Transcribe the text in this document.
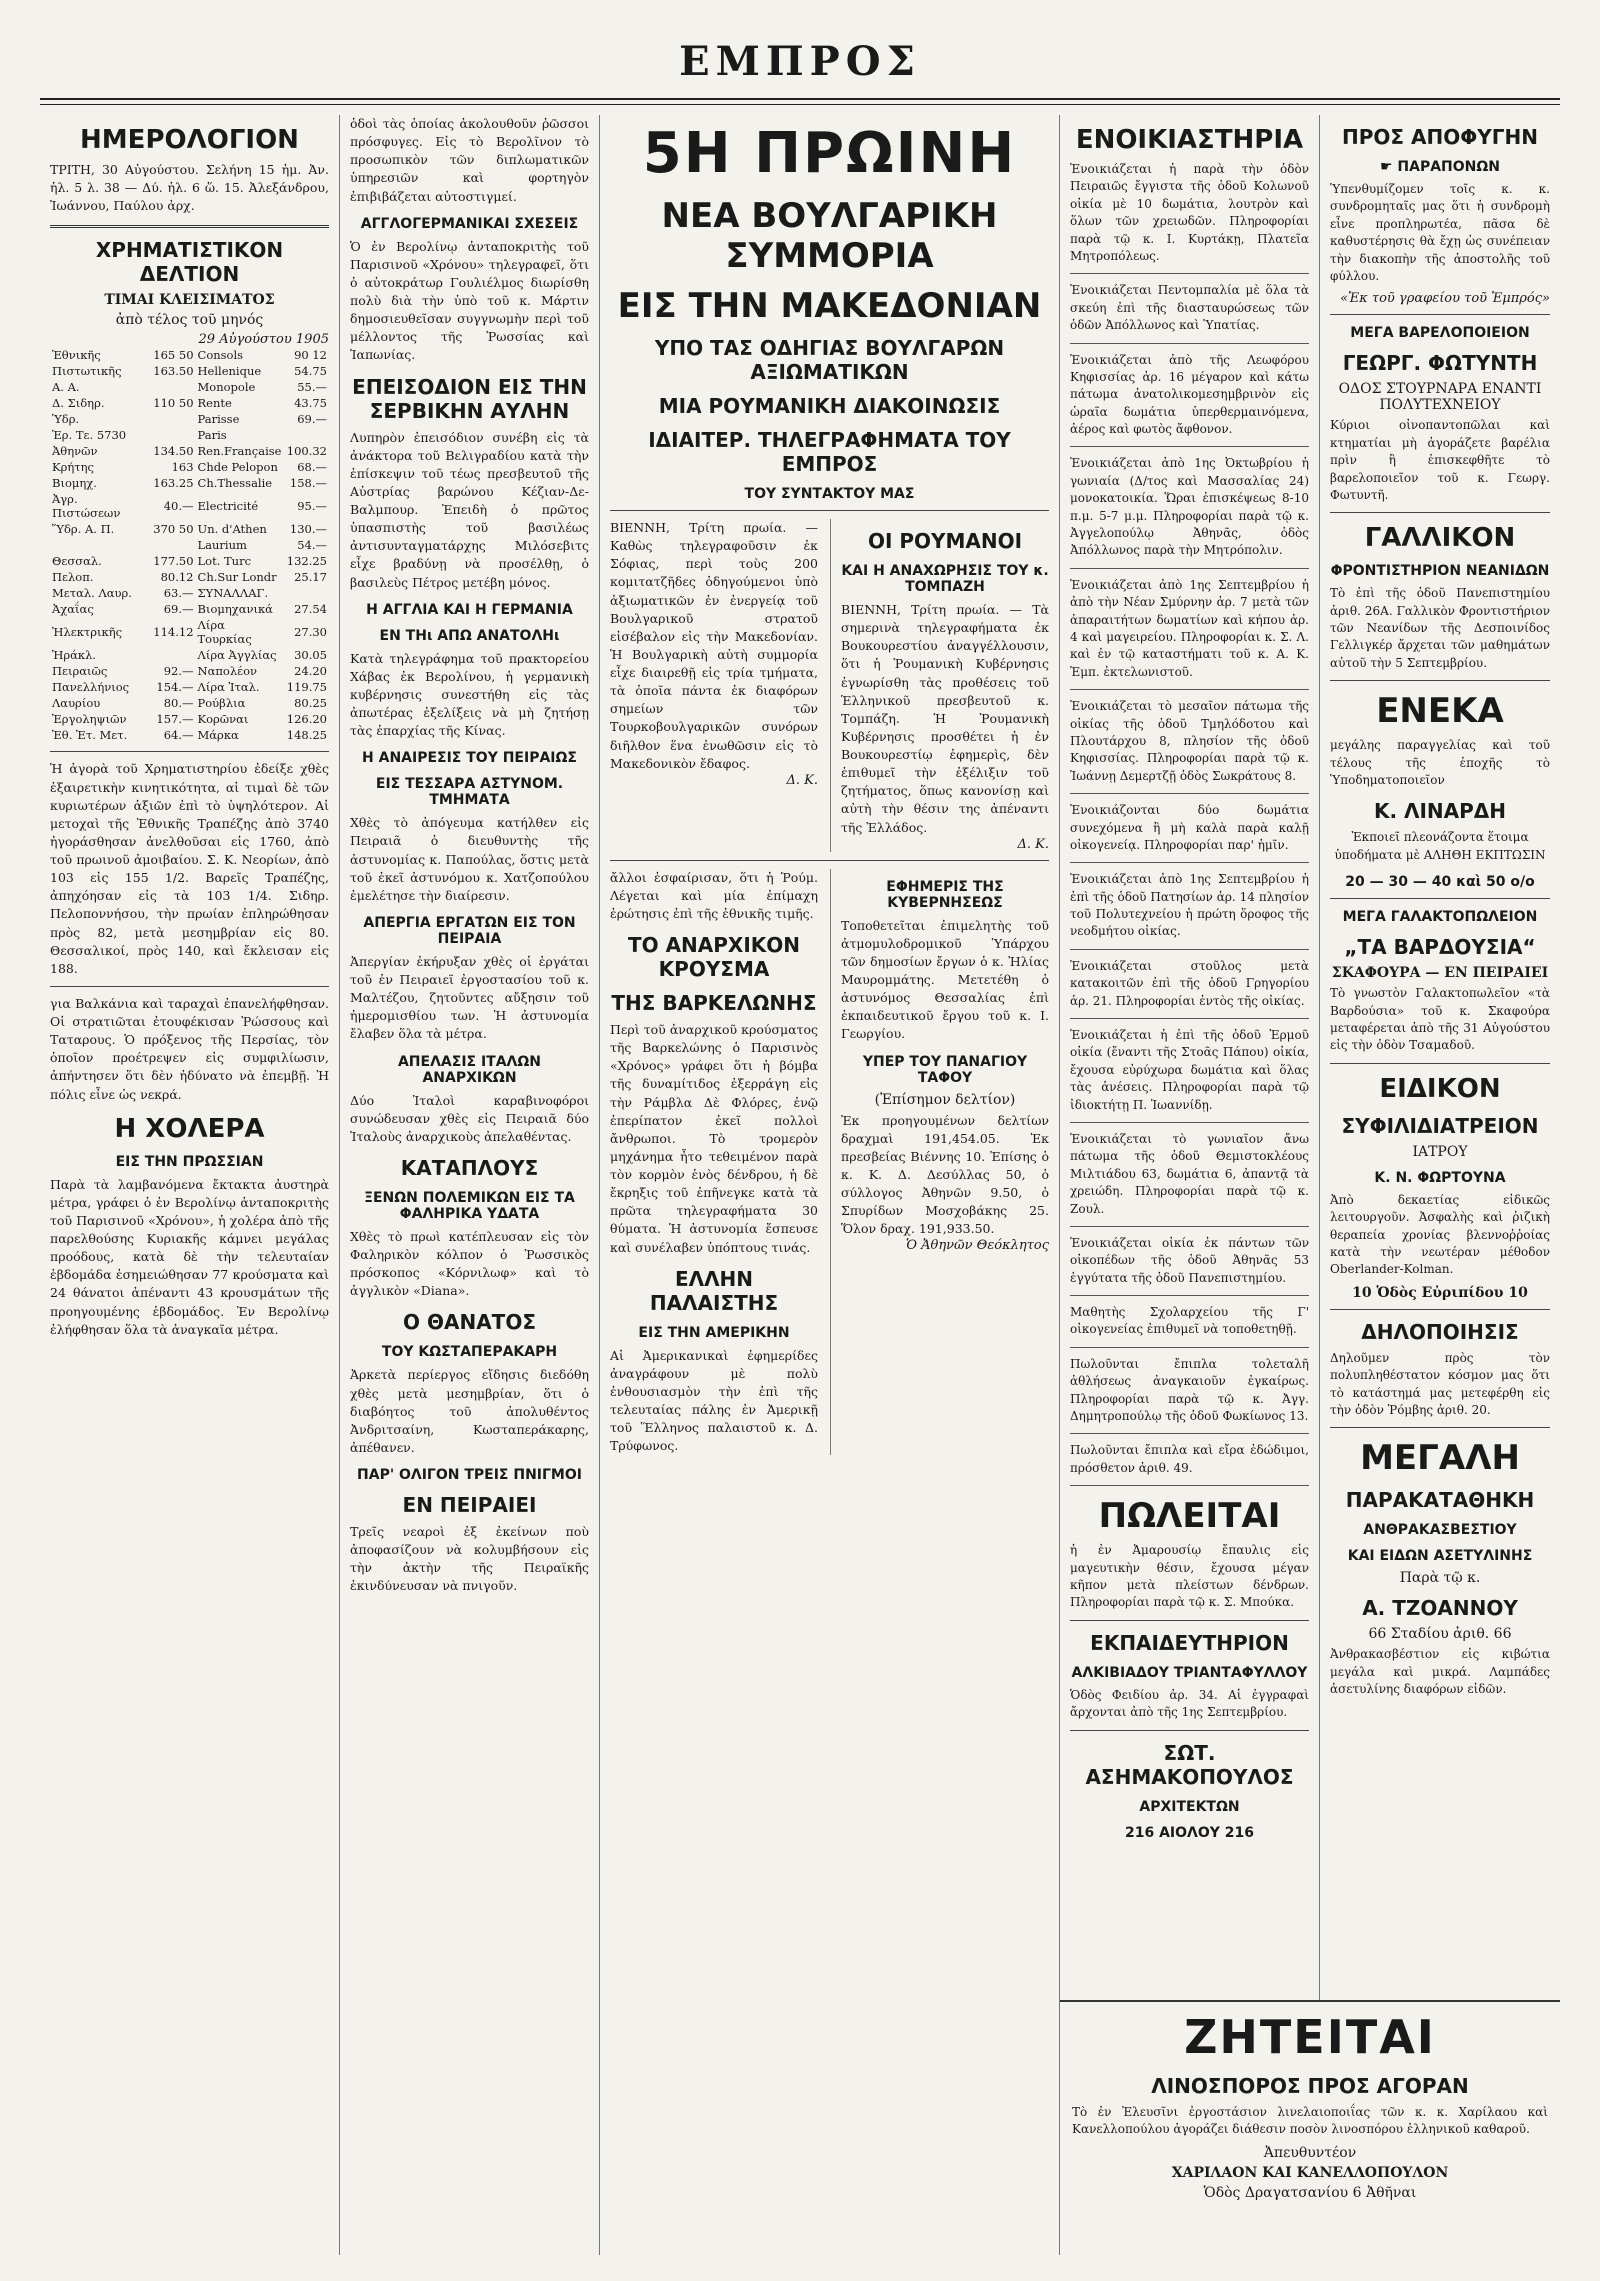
ΕΜΠΡΟΣ
ΗΜΕΡΟΛΟΓΙΟΝ
ΤΡΙΤΗ, 30 Αὐγούστου. Σελήνη 15 ἡμ. Ἀν. ἡλ. 5 λ. 38 — Δύ. ἡλ. 6 ὥ. 15. Ἀλεξάνδρου, Ἰωάννου, Παύλου ἀρχ.
ΧΡΗΜΑΤΙΣΤΙΚΟΝ ΔΕΛΤΙΟΝ
ΤΙΜΑΙ ΚΛΕΙΣΙΜΑΤΟΣ
ἀπὸ τέλος τοῦ μηνός
29 Αὐγούστου 1905
Ἐθνικῆς	165 50	Consols	90 12
Πιστωτικῆς	163.50	Hellenique	54.75
Α. Α.		Monopole	55.—
Δ. Σιδηρ.	110 50	Rente	43.75
Ὑδρ.		Parisse	69.—
Ἐρ. Τε. 5730		Paris	
Ἀθηνῶν	134.50	Ren.Française	100.32
Κρήτης	163	Chde Pelopon	68.—
Βιομηχ.	163.25	Ch.Thessalie	158.—
Ἀγρ. Πιστώσεων	40.—	Electricité	95.—
Ὕδρ. Α. Π.	370 50	Un. d'Athen	130.—
		Laurium	54.—
Θεσσαλ.	177.50	Lot. Turc	132.25
Πελοπ.	80.12	Ch.Sur Londr	25.17
Μεταλ. Λαυρ.	63.—	ΣΥΝΑΛΛΑΓ.	
Ἀχαΐας	69.—	Βιομηχανικά	27.54
Ἠλεκτρικῆς	114.12	Λίρα Τουρκίας	27.30
Ἡράκλ.		Λίρα Ἀγγλίας	30.05
Πειραιῶς	92.—	Ναπολέον	24.20
Πανελλήνιος	154.—	Λίρα Ἰταλ.	119.75
Λαυρίου	80.—	Ρούβλια	80.25
Ἐργοληψιῶν	157.—	Κορῶναι	126.20
Ἐθ. Ἐτ. Μετ.	64.—	Μάρκα	148.25
Ἡ ἀγορὰ τοῦ Χρηματιστηρίου ἐδείξε χθὲς ἐξαιρετικὴν κινητικότητα, αἱ τιμαὶ δὲ τῶν κυριωτέρων ἀξιῶν ἐπὶ τὸ ὑψηλότερον. Αἱ μετοχαὶ τῆς Ἐθνικῆς Τραπέζης ἀπὸ 3740 ἠγοράσθησαν ἀνελθοῦσαι εἰς 1760, ἀπὸ τοῦ πρωινοῦ ἀμοιβαίου. Σ. Κ. Νεορίων, ἀπὸ 103 εἰς 155 1/2. Βαρεῖς Τραπέζης, ἀπηχόησαν εἰς τὰ 103 1/4. Σιδηρ. Πελοποννήσου, τὴν πρωίαν ἐπληρώθησαν πρὸς 82, μετὰ μεσημβρίαν εἰς 80. Θεσσαλικοί, πρὸς 140, καὶ ἔκλεισαν εἰς 188.
για Βαλκάνια καὶ ταραχαὶ ἐπανελήφθησαν. Οἱ στρατιῶται ἐτουφέκισαν Ῥώσσους καὶ Ταταρους. Ὁ πρόξενος τῆς Περσίας, τὸν ὁποῖον προέτρεψεν εἰς συμφιλίωσιν, ἀπήντησεν ὅτι δὲν ἠδύνατο νὰ ἐπεμβῇ. Ἡ πόλις εἶνε ὡς νεκρά.
Η ΧΟΛΕΡΑ
ΕΙΣ ΤΗΝ ΠΡΩΣΣΙΑΝ
Παρὰ τὰ λαμβανόμενα ἔκτακτα ἀυστηρὰ μέτρα, γράφει ὁ ἐν Βερολίνῳ ἀνταποκριτὴς τοῦ Παρισινοῦ «Χρόνου», ἡ χολέρα ἀπὸ τῆς παρελθούσης Κυριακῆς κάμνει μεγάλας προόδους, κατὰ δὲ τὴν τελευταίαν ἑβδομάδα ἐσημειώθησαν 77 κρούσματα καὶ 24 θάνατοι ἀπέναντι 43 κρουσμάτων τῆς προηγουμένης ἑβδομάδος. Ἐν Βερολίνῳ ἐλήφθησαν ὅλα τὰ ἀναγκαῖα μέτρα.
ὁδοὶ τὰς ὁποίας ἀκολουθοῦν ῥῶσσοι πρόσφυγες. Εἰς τὸ Βερολῖνον τὸ προσωπικὸν τῶν διπλωματικῶν ὑπηρεσιῶν καὶ φορτηγὸν ἐπιβιβάζεται αὐτοστιγμεί.
ΑΓΓΛΟΓΕΡΜΑΝΙΚΑΙ ΣΧΕΣΕΙΣ
Ὁ ἐν Βερολίνῳ ἀνταποκριτὴς τοῦ Παρισινοῦ «Χρόνου» τηλεγραφεῖ, ὅτι ὁ αὐτοκράτωρ Γουλιέλμος διωρίσθη πολὺ διὰ τὴν ὑπὸ τοῦ κ. Μάρτιν δημοσιευθεῖσαν συγγνωμὴν περὶ τοῦ μέλλοντος τῆς Ῥωσσίας καὶ Ἰαπωνίας.
ΕΠΕΙΣΟΔΙΟΝ ΕΙΣ ΤΗΝ ΣΕΡΒΙΚΗΝ ΑΥΛΗΝ
Λυπηρὸν ἐπεισόδιον συνέβη εἰς τὰ ἀνάκτορα τοῦ Βελιγραδίου κατὰ τὴν ἐπίσκεψιν τοῦ τέως πρεσβευτοῦ τῆς Αὐστρίας βαρώνου Κέζιαν-Δε-Βαλμπουρ. Ἐπειδὴ ὁ πρῶτος ὑπασπιστὴς τοῦ βασιλέως ἀντισυνταγματάρχης Μιλόσεβιτς εἶχε βραδύνῃ νὰ προσέλθῃ, ὁ βασιλεὺς Πέτρος μετέβη μόνος.
Η ΑΓΓΛΙΑ ΚΑΙ Η ΓΕΡΜΑΝΙΑ
ΕΝ ΤΗι ΑΠΩ ΑΝΑΤΟΛΗι
Κατὰ τηλεγράφημα τοῦ πρακτορείου Χάβας ἐκ Βερολίνου, ἡ γερμανικὴ κυβέρνησις συνεστήθη εἰς τὰς ἀπωτέρας ἐξελίξεις νὰ μὴ ζητήσῃ τὰς ἐπαρχίας τῆς Κίνας.
Η ΑΝΑΙΡΕΣΙΣ ΤΟΥ ΠΕΙΡΑΙΩΣ
ΕΙΣ ΤΕΣΣΑΡΑ ΑΣΤΥΝΟΜ. ΤΜΗΜΑΤΑ
Χθὲς τὸ ἀπόγευμα κατήλθεν εἰς Πειραιᾶ ὁ διευθυντὴς τῆς ἀστυνομίας κ. Παπούλας, ὅστις μετὰ τοῦ ἐκεῖ ἀστυνόμου κ. Χατζοπούλου ἐμελέτησε τὴν διαίρεσιν.
ΑΠΕΡΓΙΑ ΕΡΓΑΤΩΝ ΕΙΣ ΤΟΝ ΠΕΙΡΑΙΑ
Ἀπεργίαν ἐκήρυξαν χθὲς οἱ ἐργάται τοῦ ἐν Πειραιεῖ ἐργοστασίου τοῦ κ. Μαλτέζου, ζητοῦντες αὔξησιν τοῦ ἡμερομισθίου των. Ἡ ἀστυνομία ἔλαβεν ὅλα τὰ μέτρα.
ΑΠΕΛΑΣΙΣ ΙΤΑΛΩΝ ΑΝΑΡΧΙΚΩΝ
Δύο Ἰταλοὶ καραβινοφόροι συνώδευσαν χθὲς εἰς Πειραιᾶ δύο Ἰταλοὺς ἀναρχικοὺς ἀπελαθέντας.
ΚΑΤΑΠΛΟΥΣ
ΞΕΝΩΝ ΠΟΛΕΜΙΚΩΝ ΕΙΣ ΤΑ ΦΑΛΗΡΙΚΑ ΥΔΑΤΑ
Χθὲς τὸ πρωὶ κατέπλευσαν εἰς τὸν Φαληρικὸν κόλπον ὁ Ῥωσσικὸς πρόσκοπος «Κόρνιλωφ» καὶ τὸ ἀγγλικὸν «Diana».
Ο ΘΑΝΑΤΟΣ
ΤΟΥ ΚΩΣΤΑΠΕΡΑΚΑΡΗ
Ἀρκετὰ περίεργος εἴδησις διεδόθη χθὲς μετὰ μεσημβρίαν, ὅτι ὁ διαβόητος τοῦ ἀπολυθέντος Ἀνδριτσαίνη, Κωσταπεράκαρης, ἀπέθανεν.
ΠΑΡ' ΟΛΙΓΟΝ ΤΡΕΙΣ ΠΝΙΓΜΟΙ
ΕΝ ΠΕΙΡΑΙΕΙ
Τρεῖς νεαροὶ ἐξ ἐκείνων ποὺ ἀποφασίζουν νὰ κολυμβήσουν εἰς τὴν ἀκτὴν τῆς Πειραϊκῆς ἐκινδύνευσαν νὰ πνιγοῦν.
5Η ΠΡΩΙΝΗ
ΝΕΑ ΒΟΥΛΓΑΡΙΚΗ ΣΥΜΜΟΡΙΑ
ΕΙΣ ΤΗΝ ΜΑΚΕΔΟΝΙΑΝ
ΥΠΟ ΤΑΣ ΟΔΗΓΙΑΣ ΒΟΥΛΓΑΡΩΝ ΑΞΙΩΜΑΤΙΚΩΝ
ΜΙΑ ΡΟΥΜΑΝΙΚΗ ΔΙΑΚΟΙΝΩΣΙΣ
ΙΔΙΑΙΤΕΡ. ΤΗΛΕΓΡΑΦΗΜΑΤΑ ΤΟΥ ΕΜΠΡΟΣ
ΤΟΥ ΣΥΝΤΑΚΤΟΥ ΜΑΣ
ΒΙΕΝΝΗ, Τρίτη πρωία. — Καθὼς τηλεγραφοῦσιν ἐκ Σόφιας, περὶ τοὺς 200 κομιτατζῆδες ὁδηγούμενοι ὑπὸ ἀξιωματικῶν ἐν ἐνεργείᾳ τοῦ Βουλγαρικοῦ στρατοῦ εἰσέβαλον εἰς τὴν Μακεδονίαν. Ἡ Βουλγαρικὴ αὐτὴ συμμορία εἶχε διαιρεθῇ εἰς τρία τμήματα, τὰ ὁποῖα πάντα ἐκ διαφόρων σημείων τῶν Τουρκοβουλγαρικῶν συνόρων διῆλθον ἕνα ἐνωθῶσιν εἰς τὸ Μακεδονικὸν ἔδαφος.
Δ. Κ.
ΟΙ ΡΟΥΜΑΝΟΙ
ΚΑΙ Η ΑΝΑΧΩΡΗΣΙΣ ΤΟΥ κ. ΤΟΜΠΑΖΗ
ΒΙΕΝΝΗ, Τρίτη πρωία. — Τὰ σημερινὰ τηλεγραφήματα ἐκ Βουκουρεστίου ἀναγγέλλουσιν, ὅτι ἡ Ῥουμανικὴ Κυβέρνησις ἐγνωρίσθη τὰς προθέσεις τοῦ Ἑλληνικοῦ πρεσβευτοῦ κ. Τομπάζη. Ἡ Ῥουμανικὴ Κυβέρνησις προσθέτει ἡ ἐν Βουκουρεστίῳ ἐφημερὶς, δὲν ἐπιθυμεῖ τὴν ἐξέλιξιν τοῦ ζητήματος, ὅπως κανονίσῃ καὶ αὐτὴ τὴν θέσιν της ἀπέναντι τῆς Ἑλλάδος.
Δ. Κ.
ἄλλοι ἐσφαίρισαν, ὅτι ἡ Ῥούμ. Λέγεται καὶ μία ἐπίμαχη ἐρώτησις ἐπὶ τῆς ἐθνικῆς τιμῆς.
ΤΟ ΑΝΑΡΧΙΚΟΝ ΚΡΟΥΣΜΑ
ΤΗΣ ΒΑΡΚΕΛΩΝΗΣ
Περὶ τοῦ ἀναρχικοῦ κρούσματος τῆς Βαρκελώνης ὁ Παρισινὸς «Χρόνος» γράφει ὅτι ἡ βόμβα τῆς δυναμίτιδος ἐξερράγη εἰς τὴν Ράμβλα Δὲ Φλόρες, ἐνῷ ἐπερίπατον ἐκεῖ πολλοὶ ἄνθρωποι. Τὸ τρομερὸν μηχάνημα ἦτο τεθειμένον παρὰ τὸν κορμὸν ἑνὸς δένδρου, ἡ δὲ ἔκρηξις τοῦ ἐπῆνεγκε κατὰ τὰ πρῶτα τηλεγραφήματα 30 θύματα. Ἡ ἀστυνομία ἔσπευσε καὶ συνέλαβεν ὑπόπτους τινάς.
ΕΛΛΗΝ ΠΑΛΑΙΣΤΗΣ
ΕΙΣ ΤΗΝ ΑΜΕΡΙΚΗΝ
Αἱ Ἀμερικανικαὶ ἐφημερίδες ἀναγράφουν μὲ πολὺ ἐνθουσιασμὸν τὴν ἐπὶ τῆς τελευταίας πάλης ἐν Ἀμερικῇ τοῦ Ἕλληνος παλαιστοῦ κ. Δ. Τρύφωνος.
ΕΦΗΜΕΡΙΣ ΤΗΣ ΚΥΒΕΡΝΗΣΕΩΣ
Τοποθετεῖται ἐπιμελητὴς τοῦ ἀτμομυλοδρομικοῦ Ὑπάρχου τῶν δημοσίων ἔργων ὁ κ. Ἠλίας Μαυρομμάτης. Μετετέθη ὁ ἀστυνόμος Θεσσαλίας ἐπὶ ἐκπαιδευτικοῦ ἔργου τοῦ κ. Ι. Γεωργίου.
ΥΠΕΡ ΤΟΥ ΠΑΝΑΓΙΟΥ ΤΑΦΟΥ
(Ἐπίσημον δελτίον)
Ἐκ προηγουμένων δελτίων δραχμαὶ 191,454.05. Ἐκ πρεσβείας Βιέννης 10. Ἐπίσης ὁ κ. Κ. Δ. Δεσύλλας 50, ὁ σύλλογος Ἀθηνῶν 9.50, ὁ Σπυρίδων Μοσχοβάκης 25. Ὅλον δραχ. 191,933.50.
Ὁ Ἀθηνῶν Θεόκλητος
ΕΝΟΙΚΙΑΣΤΗΡΙΑ
Ἐνοικιάζεται ἡ παρὰ τὴν ὁδὸν Πειραιῶς ἔγγιστα τῆς ὁδοῦ Κολωνοῦ οἰκία μὲ 10 δωμάτια, λουτρὸν καὶ ὅλων τῶν χρειωδῶν. Πληροφορίαι παρὰ τῷ κ. Ι. Κυρτάκῃ, Πλατεῖα Μητροπόλεως.
Ἐνοικιάζεται Πεντομπαλία μὲ ὅλα τὰ σκεύη ἐπὶ τῆς διασταυρώσεως τῶν ὁδῶν Ἀπόλλωνος καὶ Ὑπατίας.
Ἐνοικιάζεται ἀπὸ τῆς Λεωφόρου Κηφισσίας ἀρ. 16 μέγαρον καὶ κάτω πάτωμα ἀνατολικομεσημβρινὸν εἰς ὡραῖα δωμάτια ὑπερθερμαινόμενα, ἀέρος καὶ φωτὸς ἄφθονον.
Ἐνοικιάζεται ἀπὸ 1ης Ὀκτωβρίου ἡ γωνιαία (Δ/τος καὶ Μασσαλίας 24) μονοκατοικία. Ὥραι ἐπισκέψεως 8-10 π.μ. 5-7 μ.μ. Πληροφορίαι παρὰ τῷ κ. Ἀγγελοπούλῳ Ἀθηνᾶς, ὁδὸς Ἀπόλλωνος παρὰ τὴν Μητρόπολιν.
Ἐνοικιάζεται ἀπὸ 1ης Σεπτεμβρίου ἡ ἀπὸ τὴν Νέαν Σμύρνην ἀρ. 7 μετὰ τῶν ἀπαραιτήτων δωματίων καὶ κήπου ἀρ. 4 καὶ μαγειρείου. Πληροφορίαι κ. Σ. Λ. καὶ ἐν τῷ καταστήματι τοῦ κ. Α. Κ. Ἐμπ. ἐκτελωνιστοῦ.
Ἐνοικιάζεται τὸ μεσαῖον πάτωμα τῆς οἰκίας τῆς ὁδοῦ Τμηλόδοτου καὶ Πλουτάρχου 8, πλησίον τῆς ὁδοῦ Κηφισσίας. Πληροφορίαι παρὰ τῷ κ. Ἰωάννῃ Δεμερτζῇ ὁδὸς Σωκράτους 8.
Ἐνοικιάζονται δύο δωμάτια συνεχόμενα ἢ μὴ καλὰ παρὰ καλῇ οἰκογενείᾳ. Πληροφορίαι παρ' ἡμῖν.
Ἐνοικιάζεται ἀπὸ 1ης Σεπτεμβρίου ἡ ἐπὶ τῆς ὁδοῦ Πατησίων ἀρ. 14 πλησίον τοῦ Πολυτεχνείου ἡ πρώτη ὅροφος τῆς νεοδμήτου οἰκίας.
Ἐνοικιάζεται στοῦλος μετὰ κατακοιτῶν ἐπὶ τῆς ὁδοῦ Γρηγορίου ἀρ. 21. Πληροφορίαι ἐντὸς τῆς οἰκίας.
Ἐνοικιάζεται ἡ ἐπὶ τῆς ὁδοῦ Ἐρμοῦ οἰκία (ἔναντι τῆς Στοᾶς Πάπου) οἰκία, ἔχουσα εὐρύχωρα δωμάτια καὶ ὅλας τὰς ἀνέσεις. Πληροφορίαι παρὰ τῷ ἰδιοκτήτῃ Π. Ἰωαννίδῃ.
Ἐνοικιάζεται τὸ γωνιαῖον ἄνω πάτωμα τῆς ὁδοῦ Θεμιστοκλέους Μιλτιάδου 63, δωμάτια 6, ἀπαντᾷ τὰ χρειώδη. Πληροφορίαι παρὰ τῷ κ. Ζουλ.
Ἐνοικιάζεται οἰκία ἐκ πάντων τῶν οἰκοπέδων τῆς ὁδοῦ Ἀθηνᾶς 53 ἐγγύτατα τῆς ὁδοῦ Πανεπιστημίου.
Μαθητὴς Σχολαρχείου τῆς Γ' οἰκογενείας ἐπιθυμεῖ νὰ τοποθετηθῇ.
Πωλοῦνται ἔπιπλα τολεταλῆ ἀθλήσεως ἀναγκαιοῦν ἐγκαίρως. Πληροφορίαι παρὰ τῷ κ. Ἀγγ. Δημητροπούλῳ τῆς ὁδοῦ Φωκίωνος 13.
Πωλοῦνται ἔπιπλα καὶ εἴρα ἐδώδιμοι, πρόσθετον ἀριθ. 49.
ΠΩΛΕΙΤΑΙ
ἡ ἐν Ἀμαρουσίῳ ἔπαυλις εἰς μαγευτικὴν θέσιν, ἔχουσα μέγαν κῆπον μετὰ πλείστων δένδρων. Πληροφορίαι παρὰ τῷ κ. Σ. Μπούκα.
ΕΚΠΑΙΔΕΥΤΗΡΙΟΝ
ΑΛΚΙΒΙΑΔΟΥ ΤΡΙΑΝΤΑΦΥΛΛΟΥ
Ὁδὸς Φειδίου ἀρ. 34. Αἱ ἐγγραφαὶ ἄρχονται ἀπὸ τῆς 1ης Σεπτεμβρίου.
ΣΩΤ. ΑΣΗΜΑΚΟΠΟΥΛΟΣ
ΑΡΧΙΤΕΚΤΩΝ
216 ΑΙΟΛΟΥ 216
ΠΡΟΣ ΑΠΟΦΥΓΗΝ
☛ ΠΑΡΑΠΟΝΩΝ
Ὑπενθυμίζομεν τοῖς κ. κ. συνδρομηταῖς μας ὅτι ἡ συνδρομὴ εἶνε προπληρωτέα, πᾶσα δὲ καθυστέρησις θὰ ἔχῃ ὡς συνέπειαν τὴν διακοπὴν τῆς ἀποστολῆς τοῦ φύλλου.
«Ἐκ τοῦ γραφείου τοῦ Ἐμπρός»
ΜΕΓΑ ΒΑΡΕΛΟΠΟΙΕΙΟΝ
ΓΕΩΡΓ. ΦΩΤΥΝΤΗ
ΟΔΟΣ ΣΤΟΥΡΝΑΡΑ ΕΝΑΝΤΙ ΠΟΛΥΤΕΧΝΕΙΟΥ
Κύριοι οἰνοπαντοπῶλαι καὶ κτηματίαι μὴ ἀγοράζετε βαρέλια πρὶν ἢ ἐπισκεφθῆτε τὸ βαρελοποιεῖον τοῦ κ. Γεωργ. Φωτυντῆ.
ΓΑΛΛΙΚΟΝ
ΦΡΟΝΤΙΣΤΗΡΙΟΝ ΝΕΑΝΙΔΩΝ
Τὸ ἐπὶ τῆς ὁδοῦ Πανεπιστημίου ἀριθ. 26Α. Γαλλικὸν Φροντιστήριον τῶν Νεανίδων τῆς Δεσποινίδος Γελλιγκέρ ἄρχεται τῶν μαθημάτων αὐτοῦ τὴν 5 Σεπτεμβρίου.
ΕΝΕΚΑ
μεγάλης παραγγελίας καὶ τοῦ τέλους τῆς ἐποχῆς τὸ Ὑποδηματοποιεῖον
Κ. ΛΙΝΑΡΔΗ
Ἐκποιεῖ πλεονάζοντα ἕτοιμα ὑποδήματα μὲ ΑΛΗΘΗ ΕΚΠΤΩΣΙΝ
20 — 30 — 40 καὶ 50 ο/ο
ΜΕΓΑ ΓΑΛΑΚΤΟΠΩΛΕΙΟΝ
„ΤΑ ΒΑΡΔΟΥΣΙΑ“
ΣΚΑΦΟΥΡΑ — ΕΝ ΠΕΙΡΑΙΕΙ
Τὸ γνωστὸν Γαλακτοπωλεῖον «τὰ Βαρδούσια» τοῦ κ. Σκαφούρα μεταφέρεται ἀπὸ τῆς 31 Αὐγούστου εἰς τὴν ὁδὸν Τσαμαδοῦ.
ΕΙΔΙΚΟΝ
ΣΥΦΙΛΙΔΙΑΤΡΕΙΟΝ
ΙΑΤΡΟΥ
Κ. Ν. ΦΩΡΤΟΥΝΑ
Ἀπὸ δεκαετίας εἰδικῶς λειτουργοῦν. Ἀσφαλὴς καὶ ῥιζικὴ θεραπεία χρονίας βλεννοῤῥοίας κατὰ τὴν νεωτέραν μέθοδον Oberlander-Kolman.
10 Ὁδὸς Εὐριπίδου 10
ΔΗΛΟΠΟΙΗΣΙΣ
Δηλοῦμεν πρὸς τὸν πολυπληθέστατον κόσμον μας ὅτι τὸ κατάστημά μας μετεφέρθη εἰς τὴν ὁδὸν Ῥόμβης ἀριθ. 20.
ΜΕΓΑΛΗ
ΠΑΡΑΚΑΤΑΘΗΚΗ
ΑΝΘΡΑΚΑΣΒΕΣΤΙΟΥ
ΚΑΙ ΕΙΔΩΝ ΑΣΕΤΥΛΙΝΗΣ
Παρὰ τῷ κ.
Α. ΤΖΟΑΝΝΟΥ
66 Σταδίου ἀριθ. 66
Ἀνθρακασβέστιον εἰς κιβώτια μεγάλα καὶ μικρά. Λαμπάδες ἀσετυλίνης διαφόρων εἰδῶν.
ΖΗΤΕΙΤΑΙ
ΛΙΝΟΣΠΟΡΟΣ ΠΡΟΣ ΑΓΟΡΑΝ
Τὸ ἐν Ἐλευσῖνι ἐργοστάσιον λινελαιοποιΐας τῶν κ. κ. Χαρίλαου καὶ Κανελλοπούλου ἀγοράζει διάθεσιν ποσὸν λινοσπόρου ἑλληνικοῦ καθαροῦ.
Ἀπευθυντέον
ΧΑΡΙΛΑΟΝ ΚΑΙ ΚΑΝΕΛΛΟΠΟΥΛΟΝ
Ὁδὸς Δραγατσανίου 6 Ἀθῆναι
